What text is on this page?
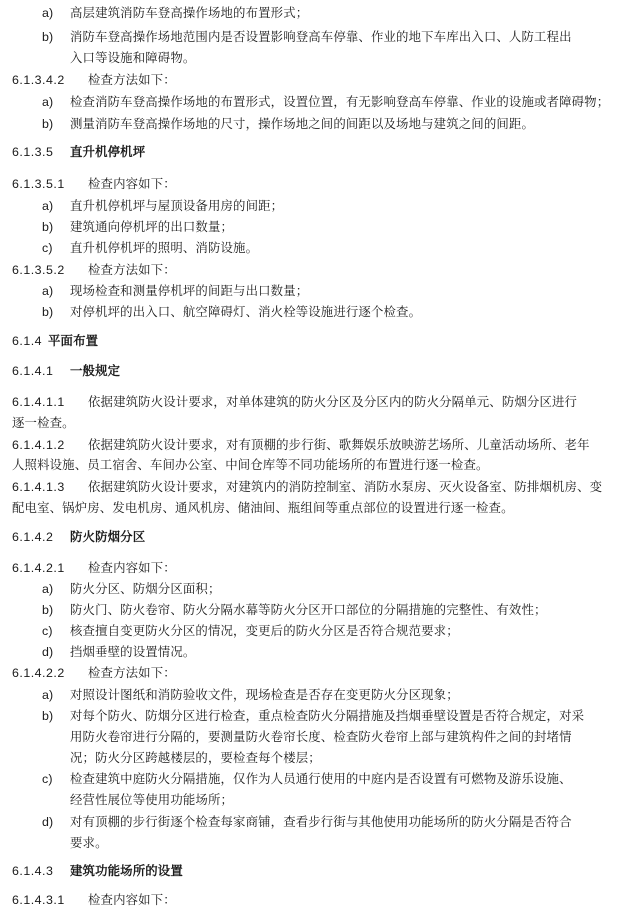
a) 高层建筑消防车登高操作场地的布置形式；
b) 消防车登高操作场地范围内是否设置影响登高车停靠、作业的地下车库出入口、人防工程出
入口等设施和障碍物。
6.1.3.4.2 检查方法如下：
a) 检查消防车登高操作场地的布置形式，设置位置，有无影响登高车停靠、作业的设施或者障碍物；
b) 测量消防车登高操作场地的尺寸，操作场地之间的间距以及场地与建筑之间的间距。
6.1.3.5 直升机停机坪
6.1.3.5.1 检查内容如下：
a) 直升机停机坪与屋顶设备用房的间距；
b) 建筑通向停机坪的出口数量；
c) 直升机停机坪的照明、消防设施。
6.1.3.5.2 检查方法如下：
a) 现场检查和测量停机坪的间距与出口数量；
b) 对停机坪的出入口、航空障碍灯、消火栓等设施进行逐个检查。
6.1.4 平面布置
6.1.4.1 一般规定
6.1.4.1.1 依据建筑防火设计要求，对单体建筑的防火分区及分区内的防火分隔单元、防烟分区进行
逐一检查。
6.1.4.1.2 依据建筑防火设计要求，对有顶棚的步行街、歌舞娱乐放映游艺场所、儿童活动场所、老年
人照料设施、员工宿舍、车间办公室、中间仓库等不同功能场所的布置进行逐一检查。
6.1.4.1.3 依据建筑防火设计要求，对建筑内的消防控制室、消防水泵房、灭火设备室、防排烟机房、变
配电室、锅炉房、发电机房、通风机房、储油间、瓶组间等重点部位的设置进行逐一检查。
6.1.4.2 防火防烟分区
6.1.4.2.1 检查内容如下：
a) 防火分区、防烟分区面积；
b) 防火门、防火卷帘、防火分隔水幕等防火分区开口部位的分隔措施的完整性、有效性；
c) 核查擅自变更防火分区的情况，变更后的防火分区是否符合规范要求；
d) 挡烟垂壁的设置情况。
6.1.4.2.2 检查方法如下：
a) 对照设计图纸和消防验收文件，现场检查是否存在变更防火分区现象；
b) 对每个防火、防烟分区进行检查，重点检查防火分隔措施及挡烟垂壁设置是否符合规定，对采
用防火卷帘进行分隔的，要测量防火卷帘长度、检查防火卷帘上部与建筑构件之间的封堵情
况；防火分区跨越楼层的，要检查每个楼层；
c) 检查建筑中庭防火分隔措施，仅作为人员通行使用的中庭内是否设置有可燃物及游乐设施、
经营性展位等使用功能场所；
d) 对有顶棚的步行街逐个检查每家商铺，查看步行街与其他使用功能场所的防火分隔是否符合
要求。
6.1.4.3 建筑功能场所的设置
6.1.4.3.1 检查内容如下：
